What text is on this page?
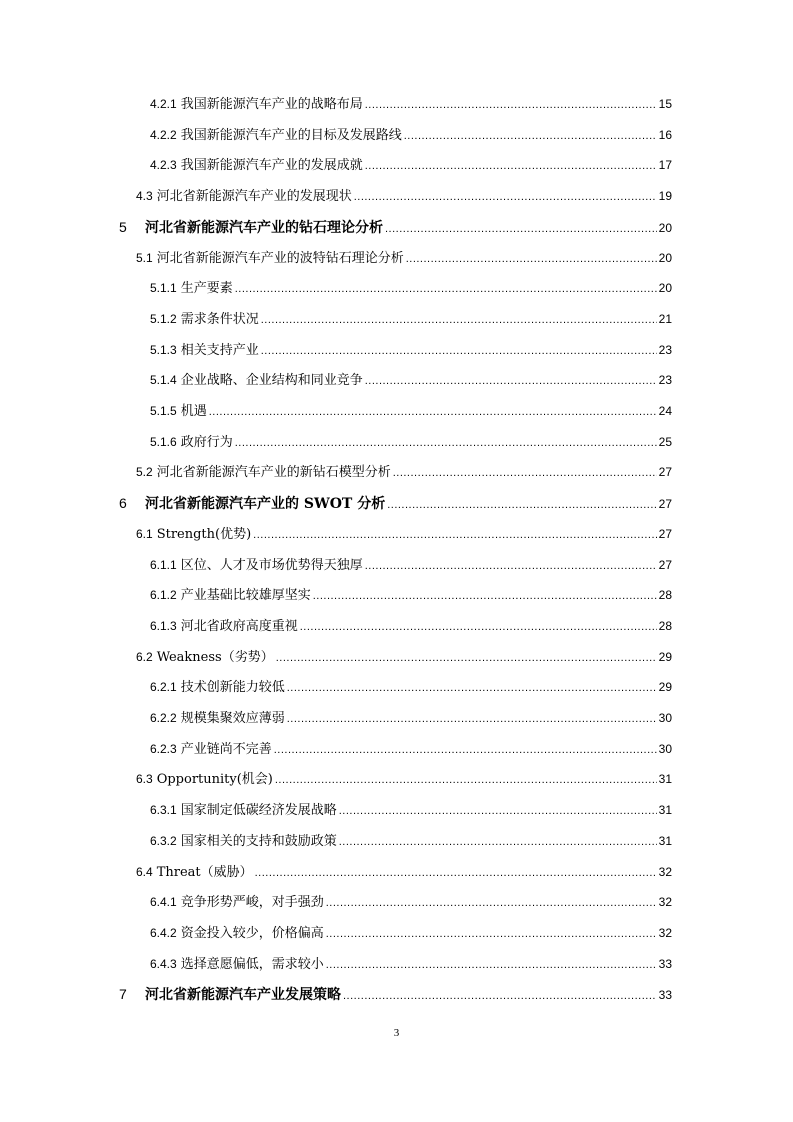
4.2.1 我国新能源汽车产业的战略布局 .....	15
4.2.2 我国新能源汽车产业的目标及发展路线 .....	16
4.2.3 我国新能源汽车产业的发展成就 .....	17
4.3 河北省新能源汽车产业的发展现状 .....	19
5	河北省新能源汽车产业的钻石理论分析 .....	20
5.1 河北省新能源汽车产业的波特钻石理论分析 .....	20
5.1.1 生产要素 .....	20
5.1.2 需求条件状况 .....	21
5.1.3 相关支持产业 .....	23
5.1.4 企业战略、企业结构和同业竞争 .....	23
5.1.5 机遇 .....	24
5.1.6 政府行为 .....	25
5.2 河北省新能源汽车产业的新钻石模型分析 .....	27
6	河北省新能源汽车产业的 SWOT 分析 .....	27
6.1 Strength(优势) .....	27
6.1.1 区位、人才及市场优势得天独厚 .....	27
6.1.2 产业基础比较雄厚坚实 .....	28
6.1.3 河北省政府高度重视 .....	28
6.2 Weakness（劣势） .....	29
6.2.1 技术创新能力较低 .....	29
6.2.2 规模集聚效应薄弱 .....	30
6.2.3 产业链尚不完善 .....	30
6.3 Opportunity(机会) .....	31
6.3.1 国家制定低碳经济发展战略 .....	31
6.3.2 国家相关的支持和鼓励政策 .....	31
6.4 Threat（威胁） .....	32
6.4.1 竞争形势严峻，对手强劲 .....	32
6.4.2 资金投入较少，价格偏高 .....	32
6.4.3 选择意愿偏低，需求较小 .....	33
7	河北省新能源汽车产业发展策略 .....	33
3
